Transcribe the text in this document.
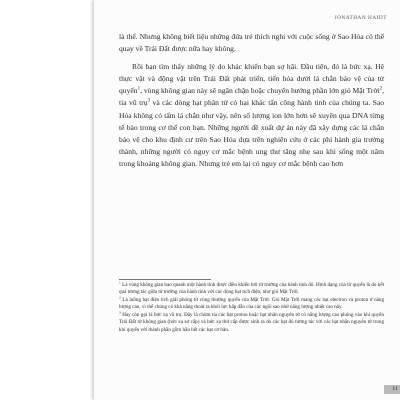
JONATHAN HAIDT

là thế. Nhưng không biết liệu những đứa trẻ thích nghi với cuộc sống ở Sao Hỏa có thể quay về Trái Đất được nữa hay không.

Rồi bạn tìm thấy những lý do khác khiến bạn sợ hãi. Đầu tiên, đó là bức xạ. Hệ thực vật và động vật trên Trái Đất phát triển, tiến hóa dưới lá chắn bảo vệ của từ quyển$^1$, vùng không gian này sẽ ngăn chặn hoặc chuyển hướng phần lớn gió Mặt Trời$^2$, tia vũ trụ$^3$ và các dòng hạt phân tử có hại khác tấn công hành tinh của chúng ta. Sao Hỏa không có tấm lá chắn như vậy, nên số lượng ion lớn hơn sẽ xuyên qua DNA từng tế bào trong cơ thể con bạn. Những người đề xuất dự án này đã xây dựng các lá chắn bảo vệ cho khu định cư trên Sao Hỏa dựa trên nghiên cứu ở các phi hành gia trưởng thành, những người có nguy cơ mắc bệnh ung thư tăng nhẹ sau khi sống một năm trong khoảng không gian. Nhưng trẻ em lại có nguy cơ mắc bệnh cao hơn

$^1$ Là vùng không gian bao quanh một hành tinh được điều khiển bởi từ trường của hành tinh đó. Hình dạng của từ quyển là do kết quả tương tác giữa từ trường của hành tinh với các dòng hạt tích điện, như gió Mặt Trời.

$^2$ Là luồng hạt điện tích giải phóng từ vùng thượng quyển của Mặt Trời. Gió Mặt Trời mang các hạt electron và proton ở năng lượng cao, vì thế chúng có khả năng thoát ra khỏi lực hấp dẫn của các ngôi sao nhờ năng lượng nhiệt cao này.

$^3$ Hay còn gọi là bức xạ vũ trụ. Đây là chùm tia các hạt proton hoặc hạt nhân nguyên tử có năng lượng cao phóng vào khí quyển Trái Đất từ không gian (bức xạ sơ cấp) và bức xạ thứ cấp được sinh ra do các hạt đó tương tác với các hạt nhân nguyên tử trong khí quyển với thành phần gồm hầu hết các hạt cơ bản.

11
